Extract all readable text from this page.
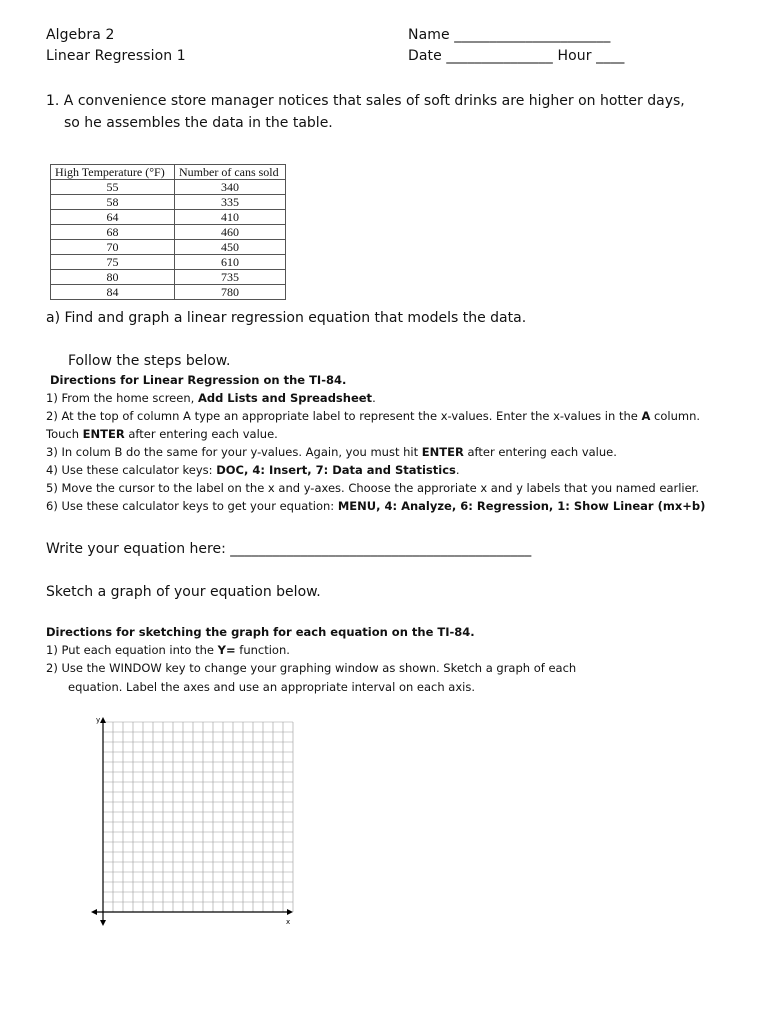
Algebra 2
Linear Regression 1
Name ______________________
Date _______________ Hour ____
1. A convenience store manager notices that sales of soft drinks are higher on hotter days,
so he assembles the data in the table.
High Temperature (°F)	Number of cans sold
55	340
58	335
64	410
68	460
70	450
75	610
80	735
84	780
a) Find and graph a linear regression equation that models the data.
Follow the steps below.
Directions for Linear Regression on the TI-84.
1) From the home screen, Add Lists and Spreadsheet.
2) At the top of column A type an appropriate label to represent the x-values. Enter the x-values in the A column.
Touch ENTER after entering each value.
3) In colum B do the same for your y-values. Again, you must hit ENTER after entering each value.
4) Use these calculator keys: DOC, 4: Insert, 7: Data and Statistics.
5) Move the cursor to the label on the x and y-axes. Choose the approriate x and y labels that you named earlier.
6) Use these calculator keys to get your equation: MENU, 4: Analyze, 6: Regression, 1: Show Linear (mx+b)
Write your equation here: ___________________________________________
Sketch a graph of your equation below.
Directions for sketching the graph for each equation on the TI-84.
1) Put each equation into the Y= function.
2) Use the WINDOW key to change your graphing window as shown. Sketch a graph of each
equation. Label the axes and use an appropriate interval on each axis.
y
x
